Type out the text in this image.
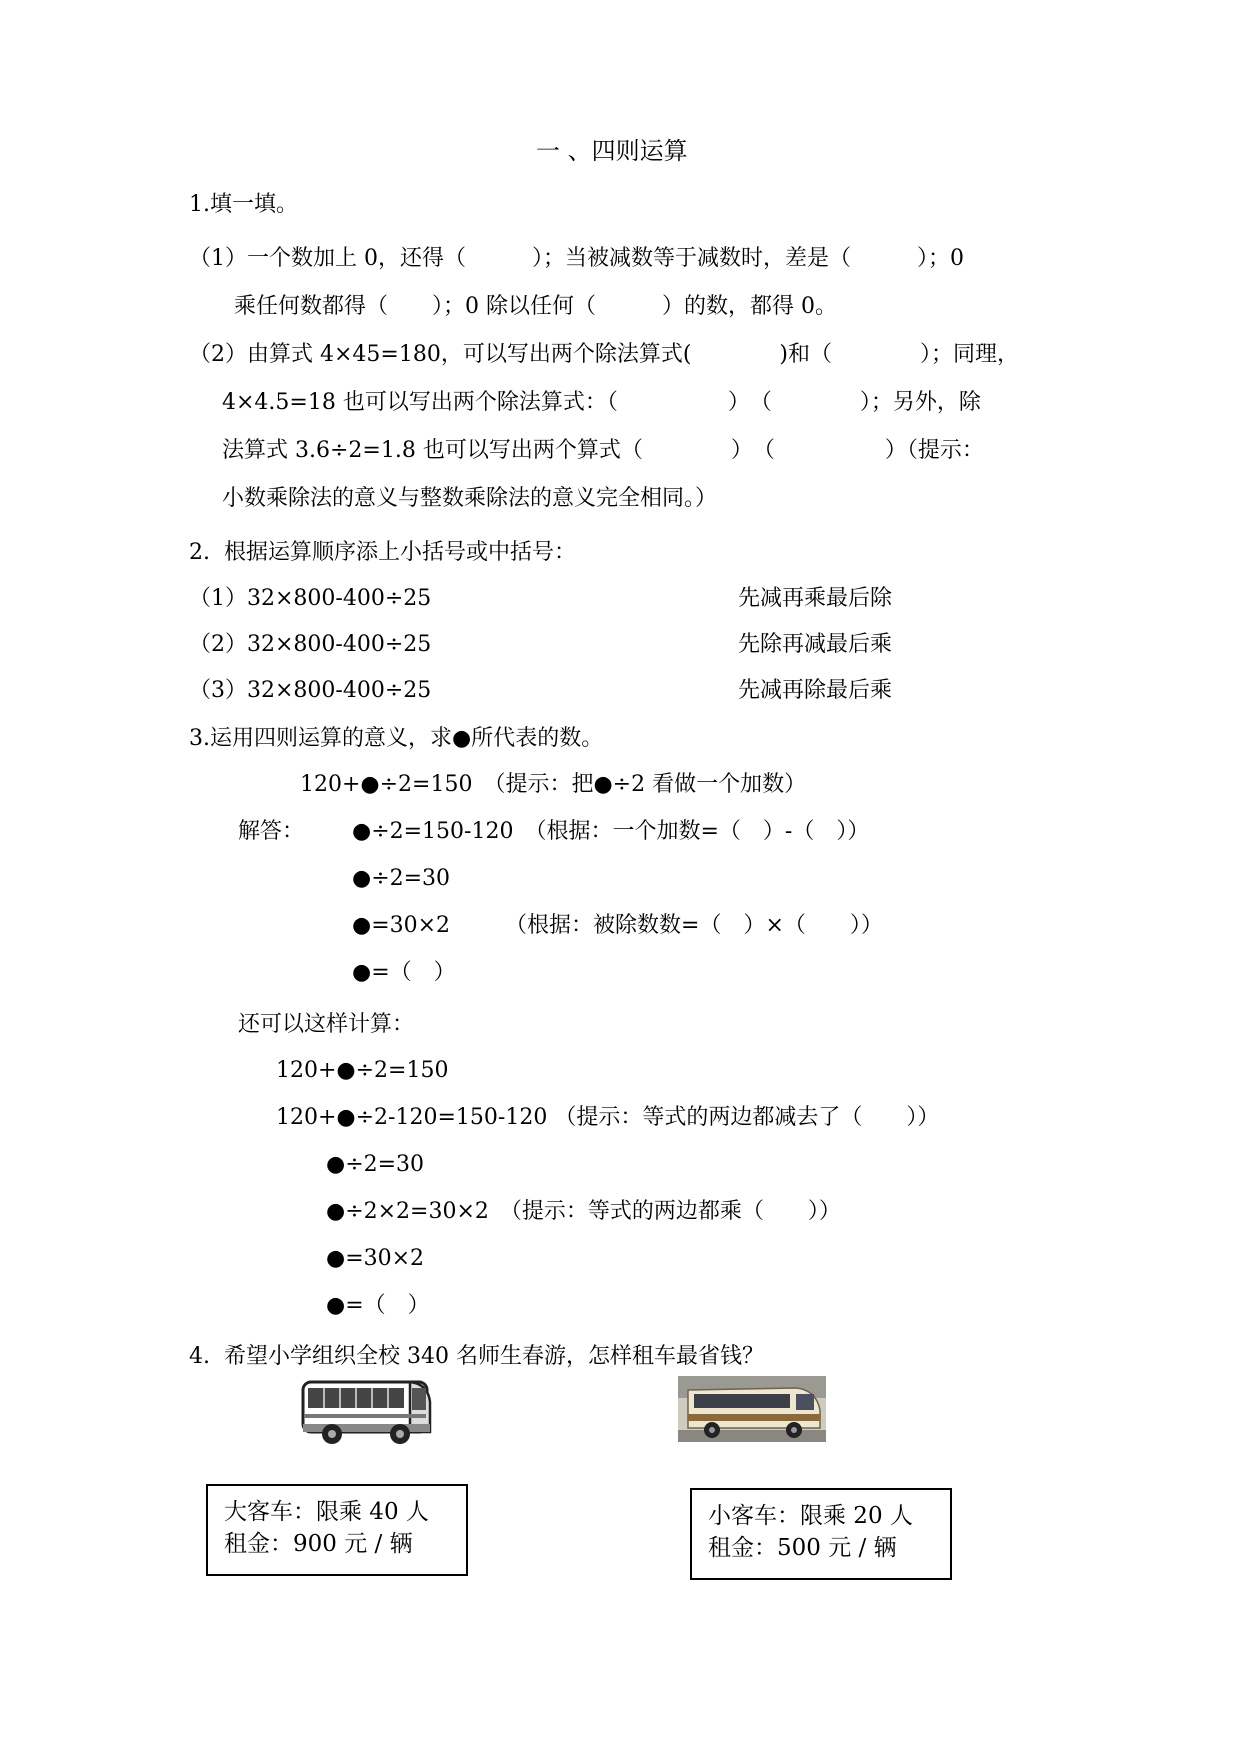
一 、四则运算
1.填一填。
（1）一个数加上 0，还得（　　　）；当被减数等于减数时，差是（　　　）；0
乘任何数都得（　　）；0 除以任何（　　　）的数，都得 0。
（2）由算式 4×45=180，可以写出两个除法算式(　　　　)和（　　　　）；同理，
4×4.5=18 也可以写出两个除法算式：（　　　　　）　（　　　　）；另外，除
法算式 3.6÷2=1.8 也可以写出两个算式（　　　　）　（　　　　　）（提示：
小数乘除法的意义与整数乘除法的意义完全相同。）
2.  根据运算顺序添上小括号或中括号：
（1）32×800-400÷25	先减再乘最后除
（2）32×800-400÷25	先除再减最后乘
（3）32×800-400÷25	先减再除最后乘
3.运用四则运算的意义，求●所代表的数。
120+●÷2=150　（提示：把●÷2 看做一个加数）
解答： ●÷2=150-120　（根据：一个加数=（　）-（　））
●÷2=30
●=30×2　　　（根据：被除数数=（　）×（　　））
●=（　）
还可以这样计算：
120+●÷2=150
120+●÷2-120=150-120 （提示：等式的两边都减去了（　　））
●÷2=30
●÷2×2=30×2　（提示：等式的两边都乘（　　））
●=30×2
●=（　）
4.  希望小学组织全校 340 名师生春游，怎样租车最省钱？
大客车：限乘 40 人
租金：900 元 / 辆
小客车：限乘 20 人
租金：500 元 / 辆
